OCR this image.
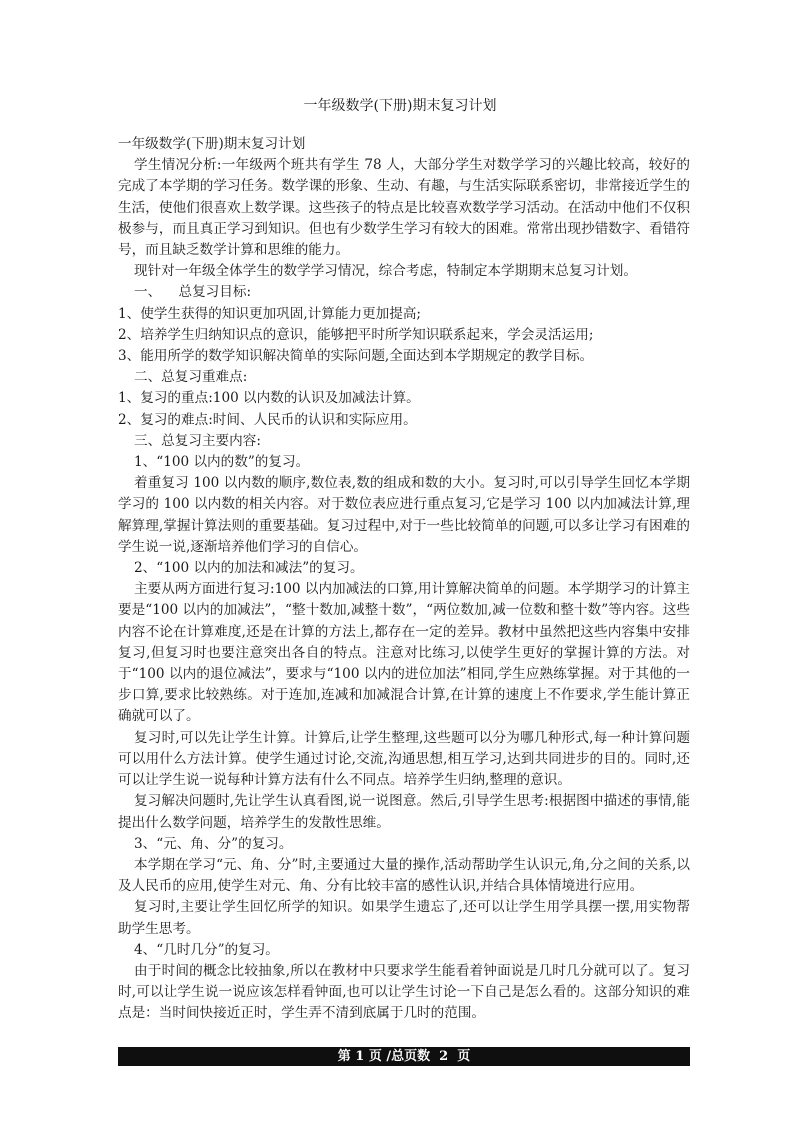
一年级数学(下册)期末复习计划

一年级数学(下册)期末复习计划

学生情况分析:一年级两个班共有学生 78 人，大部分学生对数学学习的兴趣比较高，较好的完成了本学期的学习任务。数学课的形象、生动、有趣，与生活实际联系密切，非常接近学生的生活，使他们很喜欢上数学课。这些孩子的特点是比较喜欢数学学习活动。在活动中他们不仅积极参与，而且真正学习到知识。但也有少数学生学习有较大的困难。常常出现抄错数字、看错符号，而且缺乏数学计算和思维的能力。

现针对一年级全体学生的数学学习情况，综合考虑，特制定本学期期末总复习计划。

一、    总复习目标:

1、使学生获得的知识更加巩固,计算能力更加提高;

2、培养学生归纳知识点的意识，能够把平时所学知识联系起来，学会灵活运用;

3、能用所学的数学知识解决简单的实际问题,全面达到本学期规定的教学目标。

二、总复习重难点:

1、复习的重点:100 以内数的认识及加减法计算。

2、复习的难点:时间、人民币的认识和实际应用。

三、总复习主要内容:

1、“100 以内的数”的复习。

着重复习 100 以内数的顺序,数位表,数的组成和数的大小。复习时,可以引导学生回忆本学期学习的 100 以内数的相关内容。对于数位表应进行重点复习,它是学习 100 以内加减法计算,理解算理,掌握计算法则的重要基础。复习过程中,对于一些比较简单的问题,可以多让学习有困难的学生说一说,逐渐培养他们学习的自信心。

2、“100 以内的加法和减法”的复习。

主要从两方面进行复习:100 以内加减法的口算,用计算解决简单的问题。本学期学习的计算主要是“100 以内的加减法”，“整十数加,减整十数”，“两位数加,减一位数和整十数”等内容。这些内容不论在计算难度,还是在计算的方法上,都存在一定的差异。教材中虽然把这些内容集中安排复习,但复习时也要注意突出各自的特点。注意对比练习,以使学生更好的掌握计算的方法。对于“100 以内的退位减法”，要求与“100 以内的进位加法”相同,学生应熟练掌握。对于其他的一步口算,要求比较熟练。对于连加,连减和加减混合计算,在计算的速度上不作要求,学生能计算正确就可以了。

复习时,可以先让学生计算。计算后,让学生整理,这些题可以分为哪几种形式,每一种计算问题可以用什么方法计算。使学生通过讨论,交流,沟通思想,相互学习,达到共同进步的目的。同时,还可以让学生说一说每种计算方法有什么不同点。培养学生归纳,整理的意识。

复习解决问题时,先让学生认真看图,说一说图意。然后,引导学生思考:根据图中描述的事情,能提出什么数学问题，培养学生的发散性思维。

3、“元、角、分”的复习。

本学期在学习“元、角、分”时,主要通过大量的操作,活动帮助学生认识元,角,分之间的关系,以及人民币的应用,使学生对元、角、分有比较丰富的感性认识,并结合具体情境进行应用。

复习时,主要让学生回忆所学的知识。如果学生遗忘了,还可以让学生用学具摆一摆,用实物帮助学生思考。

4、“几时几分”的复习。

由于时间的概念比较抽象,所以在教材中只要求学生能看着钟面说是几时几分就可以了。复习时,可以让学生说一说应该怎样看钟面,也可以让学生讨论一下自己是怎么看的。这部分知识的难点是：当时间快接近正时，学生弄不清到底属于几时的范围。

第 1 页 /总页数  2  页
